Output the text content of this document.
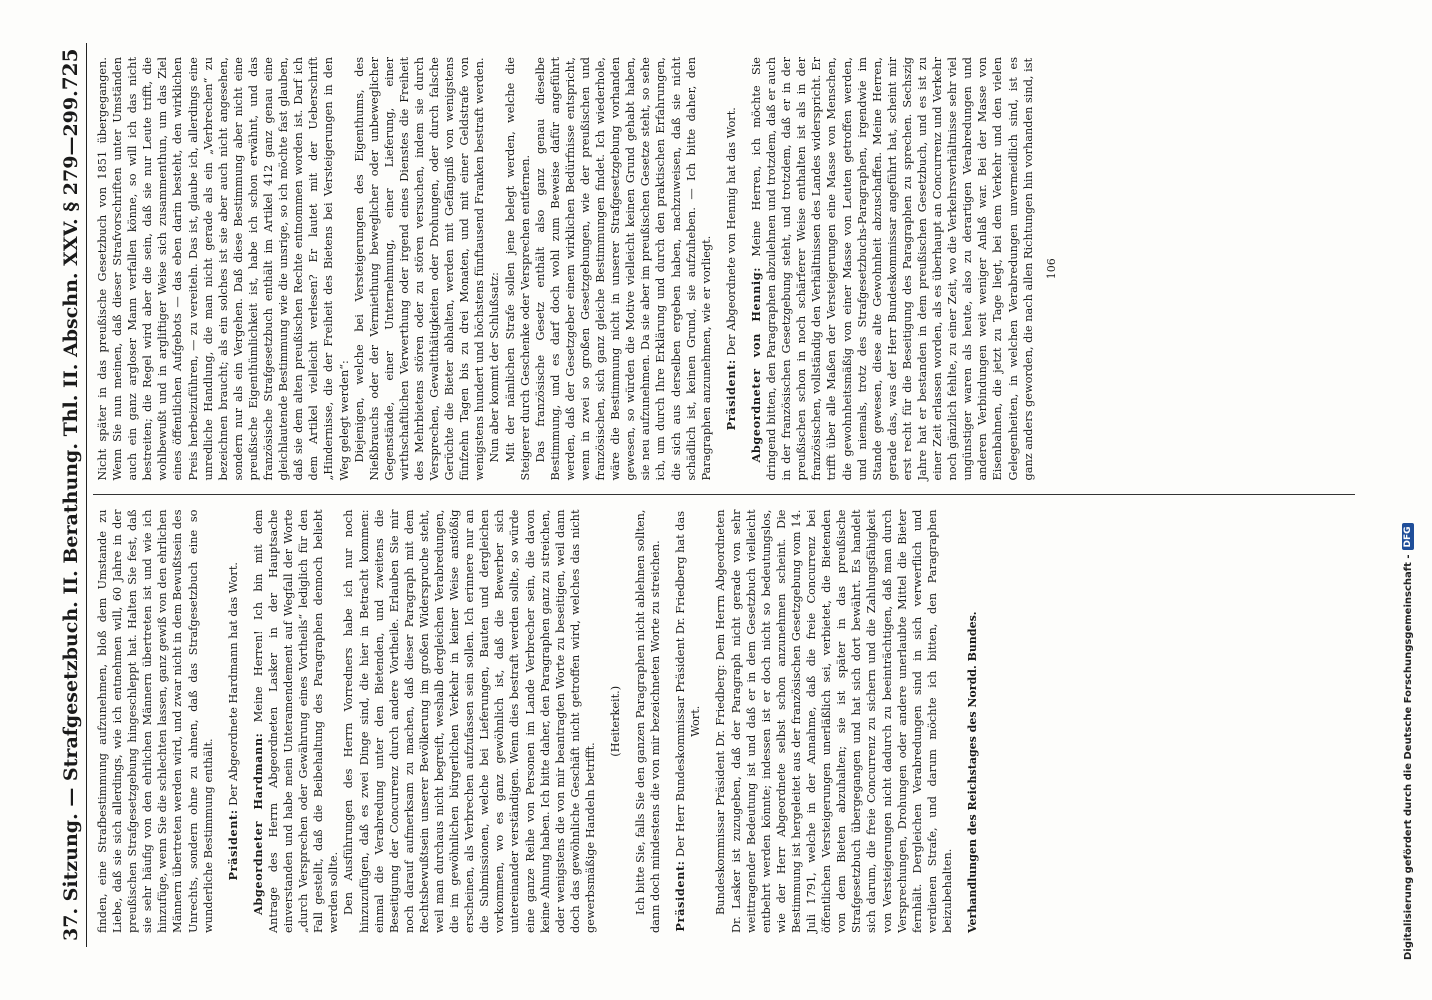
37. Sitzung. — Strafgesetzbuch. II. Berathung. Thl. II. Abschn. XXV. § 279—299.
725

finden, eine Strafbestimmung aufzunehmen, bloß dem Umstande zu Liebe, daß sie sich allerdings, wie ich entnehmen will, 60 Jahre in der preußischen Strafgesetzgebung hingeschleppt hat. Halten Sie fest, daß sie sehr häufig von den ehrlichen Männern übertreten ist und wie ich hinzufüge, wenn Sie die schlechten lassen, ganz gewiß von den ehrlichen Männern übertreten werden wird, und zwar nicht in dem Bewußtsein des Unrechts, sondern ohne zu ahnen, daß das Strafgesetzbuch eine so wunderliche Bestimmung enthält. Präsident: Der Abgeordnete Hardmann hat das Wort.

Abgeordneter Hardmann: Meine Herren! Ich bin mit dem Antrage des Herrn Abgeordneten Lasker in der Hauptsache einverstanden und habe mein Unteramendement auf Wegfall der Worte „durch Versprechen oder Gewährung eines Vortheils“ lediglich für den Fall gestellt, daß die Beibehaltung des Paragraphen dennoch beliebt werden sollte. Den Ausführungen des Herrn Vorredners habe ich nur noch hinzuzufügen, daß es zwei Dinge sind, die hier in Betracht kommen: einmal die Verabredung unter den Bietenden, und zweitens die Beseitigung der Concurrenz durch andere Vortheile. Erlauben Sie mir noch darauf aufmerksam zu machen, daß dieser Paragraph mit dem Rechtsbewußtsein unserer Bevölkerung im großen Widerspruche steht, weil man durchaus nicht begreift, weshalb dergleichen Verabredungen, die im gewöhnlichen bürgerlichen Verkehr in keiner Weise anstößig erscheinen, als Verbrechen aufzufassen sein sollen. Ich erinnere nur an die Submissionen, welche bei Lieferungen, Bauten und dergleichen vorkommen, wo es ganz gewöhnlich ist, daß die Bewerber sich untereinander verständigen. Wenn dies bestraft werden sollte, so würde eine ganze Reihe von Personen im Lande Verbrecher sein, die davon keine Ahnung haben. Ich bitte daher, den Paragraphen ganz zu streichen, oder wenigstens die von mir beantragten Worte zu beseitigen, weil dann doch das gewöhnliche Geschäft nicht getroffen wird, welches das nicht gewerbsmäßige Handeln betrifft.

(Heiterkeit.) Ich bitte Sie, falls Sie den ganzen Paragraphen nicht ablehnen sollten, dann doch mindestens die von mir bezeichneten Worte zu streichen. Präsident: Der Herr Bundeskommissar Präsident Dr. Friedberg hat das Wort. Bundeskommissar Präsident Dr. Friedberg: Dem Herrn Abgeordneten Dr. Lasker ist zuzugeben, daß der Paragraph nicht gerade von sehr weittragender Bedeutung ist und daß er in dem Gesetzbuch vielleicht entbehrt werden könnte; indessen ist er doch nicht so bedeutungslos, wie der Herr Abgeordnete selbst schon anzunehmen scheint. Die Bestimmung ist hergeleitet aus der französischen Gesetzgebung vom 14. Juli 1791, welche in der Annahme, daß die freie Concurrenz bei öffentlichen Versteigerungen unerläßlich sei, verbietet, die Bietenden von dem Bieten abzuhalten; sie ist später in das preußische Strafgesetzbuch übergegangen und hat sich dort bewährt. Es handelt sich darum, die freie Concurrenz zu sichern und die Zahlungsfähigkeit von Versteigerungen nicht dadurch zu beeinträchtigen, daß man durch Versprechungen, Drohungen oder andere unerlaubte Mittel die Bieter fernhält. Dergleichen Verabredungen sind in sich verwerflich und verdienen Strafe, und darum möchte ich bitten, den Paragraphen beizubehalten. Verhandlungen des Reichstages des Nordd. Bundes.

Nicht später in das preußische Gesetzbuch von 1851 übergegangen. Wenn Sie nun meinen, daß dieser Strafvorschriften unter Umständen auch ein ganz argloser Mann verfallen könne, so will ich das nicht bestreiten; die Regel wird aber die sein, daß sie nur Leute trifft, die wohlbewußt und in argliftiger Weise sich zusammenthun, um das Ziel eines öffentlichen Aufgebots — das eben darin besteht, den wirklichen Preis herbeizuführen, — zu vereiteln. Das ist, glaube ich, allerdings eine unredliche Handlung, die man nicht gerade als ein „Verbrechen“ zu bezeichnen braucht; als ein solches ist sie aber auch nicht angesehen, sondern nur als ein Vergehen. Daß diese Bestimmung aber nicht eine preußische Eigenthümlichkeit ist, habe ich schon erwähnt, und das französische Strafgesetzbuch enthält im Artikel 412 ganz genau eine gleichlautende Bestimmung wie die unsrige, so ich möchte fast glauben, daß sie dem alten preußischen Rechte entnommen worden ist. Darf ich dem Artikel vielleicht verlesen? Er lautet mit der Ueberschrift „Hindernisse, die der Freiheit des Bietens bei Versteigerungen in den Weg gelegt werden“: Diejenigen, welche bei Versteigerungen des Eigenthums, des Nießbrauchs oder der Vermiethung beweglicher oder unbeweglicher Gegenstände, einer Unternehmung, einer Lieferung, einer wirthschaftlichen Verwerthung oder irgend eines Dienstes die Freiheit des Mehrbietens stören oder zu stören versuchen, indem sie durch Versprechen, Gewaltthätigkeiten oder Drohungen, oder durch falsche Gerüchte die Bieter abhalten, werden mit Gefängniß von wenigstens fünfzehn Tagen bis zu drei Monaten, und mit einer Geldstrafe von wenigstens hundert und höchstens fünftausend Franken bestraft werden. Nun aber kommt der Schlußsatz: Mit der nämlichen Strafe sollen jene belegt werden, welche die Steigerer durch Geschenke oder Versprechen entfernen. Das französische Gesetz enthält also ganz genau dieselbe Bestimmung, und es darf doch wohl zum Beweise dafür angeführt werden, daß der Gesetzgeber einem wirklichen Bedürfnisse entspricht, wenn in zwei so großen Gesetzgebungen, wie der preußischen und französischen, sich ganz gleiche Bestimmungen findet. Ich wiederhole, wäre die Bestimmung nicht in unserer Strafgesetzgebung vorhanden gewesen, so würden die Motive vielleicht keinen Grund gehabt haben, sie neu aufzunehmen. Da sie aber im preußischen Gesetze steht, so sehe ich, um durch Ihre Erklärung und durch den praktischen Erfahrungen, die sich aus derselben ergeben haben, nachzuweisen, daß sie nicht schädlich ist, keinen Grund, sie aufzuheben. — Ich bitte daher, den Paragraphen anzunehmen, wie er vorliegt. Präsident: Der Abgeordnete von Hennig hat das Wort.

Abgeordneter von Hennig: Meine Herren, ich möchte Sie dringend bitten, den Paragraphen abzulehnen und trotzdem, daß er auch in der französischen Gesetzgebung steht, und trotzdem, daß er in der preußischen schon in noch schärferer Weise enthalten ist als in der französischen, vollständig den Verhältnissen des Landes widerspricht. Er trifft über alle Maßen der Versteigerungen eine Masse von Menschen, die gewohnheitsmäßig von einer Masse von Leuten getroffen werden, und niemals, trotz des Strafgesetzbuchs-Paragraphen, irgendwie im Stande gewesen, diese alte Gewohnheit abzuschaffen. Meine Herren, gerade das, was der Herr Bundeskommissar angeführt hat, scheint mir erst recht für die Beseitigung des Paragraphen zu sprechen. Sechszig Jahre hat er bestanden in dem preußischen Gesetzbuch, und es ist zu einer Zeit erlassen worden, als es überhaupt an Concurrenz und Verkehr noch gänzlich fehlte, zu einer Zeit, wo die Verkehrsverhältnisse sehr viel ungünstiger waren als heute, also zu derartigen Verabredungen und anderen Verbindungen weit weniger Anlaß war. Bei der Masse von Eisenbahnen, die jetzt zu Tage liegt, bei dem Verkehr und den vielen Gelegenheiten, in welchen Verabredungen unvermeidlich sind, ist es ganz anders geworden, die nach allen Richtungen hin vorhanden sind, ist 106
Digitalisierung gefördert durch die Deutsche Forschungsgemeinschaft -
DFG
